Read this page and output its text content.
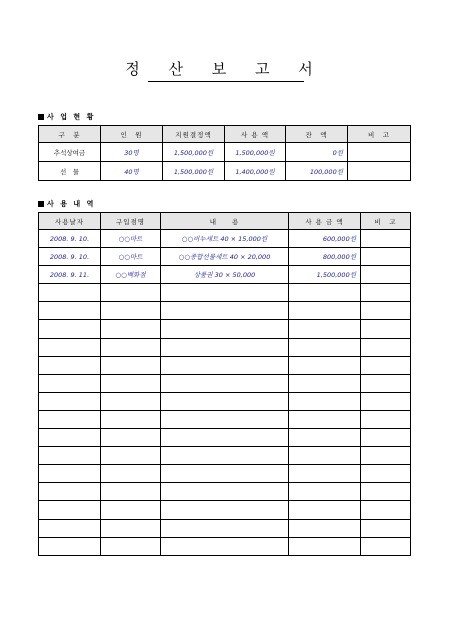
정 산 보 고 서
사 업 현 황
구　분	인　원	지원결정액	사 용 액	잔　액	비　고
추석상여금	30명	1,500,000원	1,500,000원	0원	
선　물	40명	1,500,000원	1,400,000원	100,000원	
사 용 내 역
사용날자	구입점명	내　　용	사 용 금 액	비　고
2008. 9. 10.	○○마트	○○비누세트 40 × 15,000원	600,000원	
2008. 9. 10.	○○마트	○○종합선물세트 40 × 20,000	800,000원	
2008. 9. 11.	○○백화점	상품권 30 × 50,000	1,500,000원	
